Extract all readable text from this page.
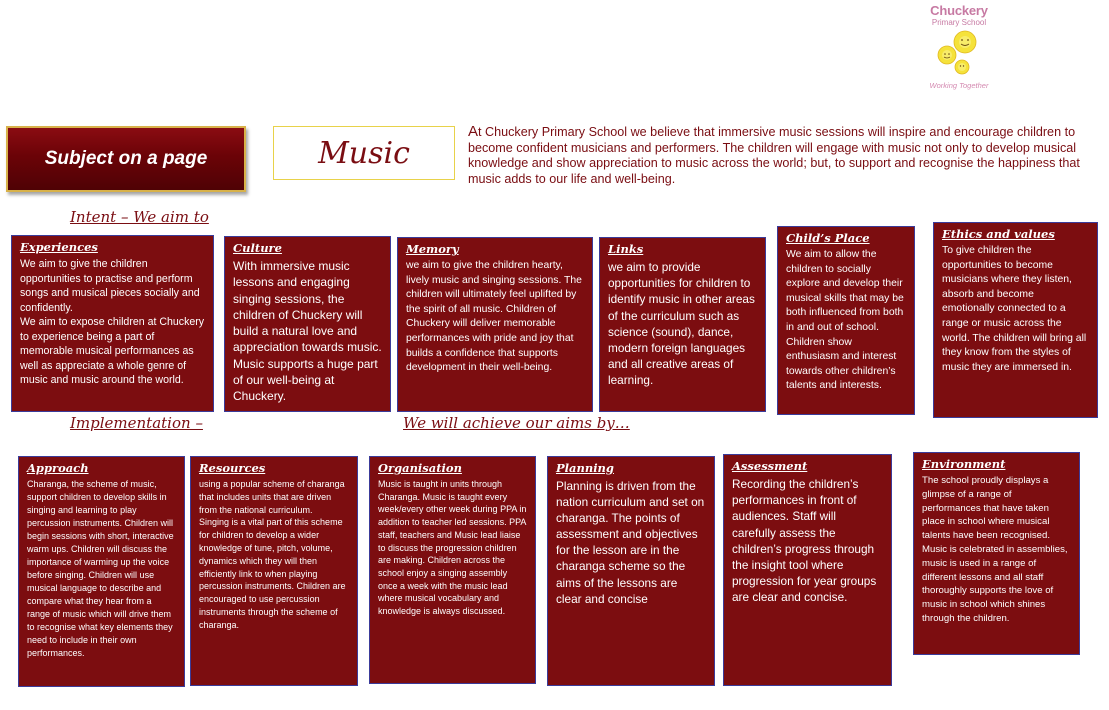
Chuckery
Primary School
Working Together
Subject on a page	Music
At Chuckery Primary School we believe that immersive music sessions will inspire and encourage children to become confident musicians and performers. The children will engage with music not only to develop musical knowledge and show appreciation to music across the world; but, to support and recognise the happiness that music adds to our life and well-being.
Intent – We aim to
Implementation –	We will achieve our aims by…
Experiences
We aim to give the children opportunities to practise and perform songs and musical pieces socially and confidently.
We aim to expose children at Chuckery to experience being a part of memorable musical performances as well as appreciate a whole genre of music and music around the world.
Culture
With immersive music lessons and engaging singing sessions, the children of Chuckery will build a natural love and appreciation towards music. Music supports a huge part of our well-being at Chuckery.
Memory
we aim to give the children hearty, lively music and singing sessions. The children will ultimately feel uplifted by the spirit of all music. Children of Chuckery will deliver memorable performances with pride and joy that builds a confidence that supports development in their well-being.
Links
we aim to provide opportunities for children to identify music in other areas of the curriculum such as science (sound), dance, modern foreign languages and all creative areas of learning.
Child’s Place
We aim to allow the children to socially explore and develop their musical skills that may be both influenced from both in and out of school. Children show enthusiasm and interest towards other children’s talents and interests.
Ethics and values
To give children the opportunities to become musicians where they listen, absorb and become emotionally connected to a range or music across the world. The children will bring all they know from the styles of music they are immersed in.
Approach
Charanga, the scheme of music, support children to develop skills in singing and learning to play percussion instruments. Children will begin sessions with short, interactive warm ups. Children will discuss the importance of warming up the voice before singing. Children will use musical language to describe and compare what they hear from a range of music which will drive them to recognise what key elements they need to include in their own performances.
Resources
using a popular scheme of charanga that includes units that are driven from the national curriculum.
Singing is a vital part of this scheme for children to develop a wider knowledge of tune, pitch, volume, dynamics which they will then efficiently link to when playing percussion instruments. Children are encouraged to use percussion instruments through the scheme of charanga.
Organisation
Music is taught in units through Charanga. Music is taught every week/every other week during PPA in addition to teacher led sessions. PPA staff, teachers and Music lead liaise to discuss the progression children are making. Children across the school enjoy a singing assembly once a week with the music lead where musical vocabulary and knowledge is always discussed.
Planning
Planning is driven from the nation curriculum and set on charanga. The points of assessment and objectives for the lesson are in the charanga scheme so the aims of the lessons are clear and concise
Assessment
Recording the children’s performances in front of audiences. Staff will carefully assess the children’s progress through the insight tool where progression for year groups are clear and concise.
Environment
The school proudly displays a glimpse of a range of performances that have taken place in school where musical talents have been recognised. Music is celebrated in assemblies, music is used in a range of different lessons and all staff thoroughly supports the love of music in school which shines through the children.
